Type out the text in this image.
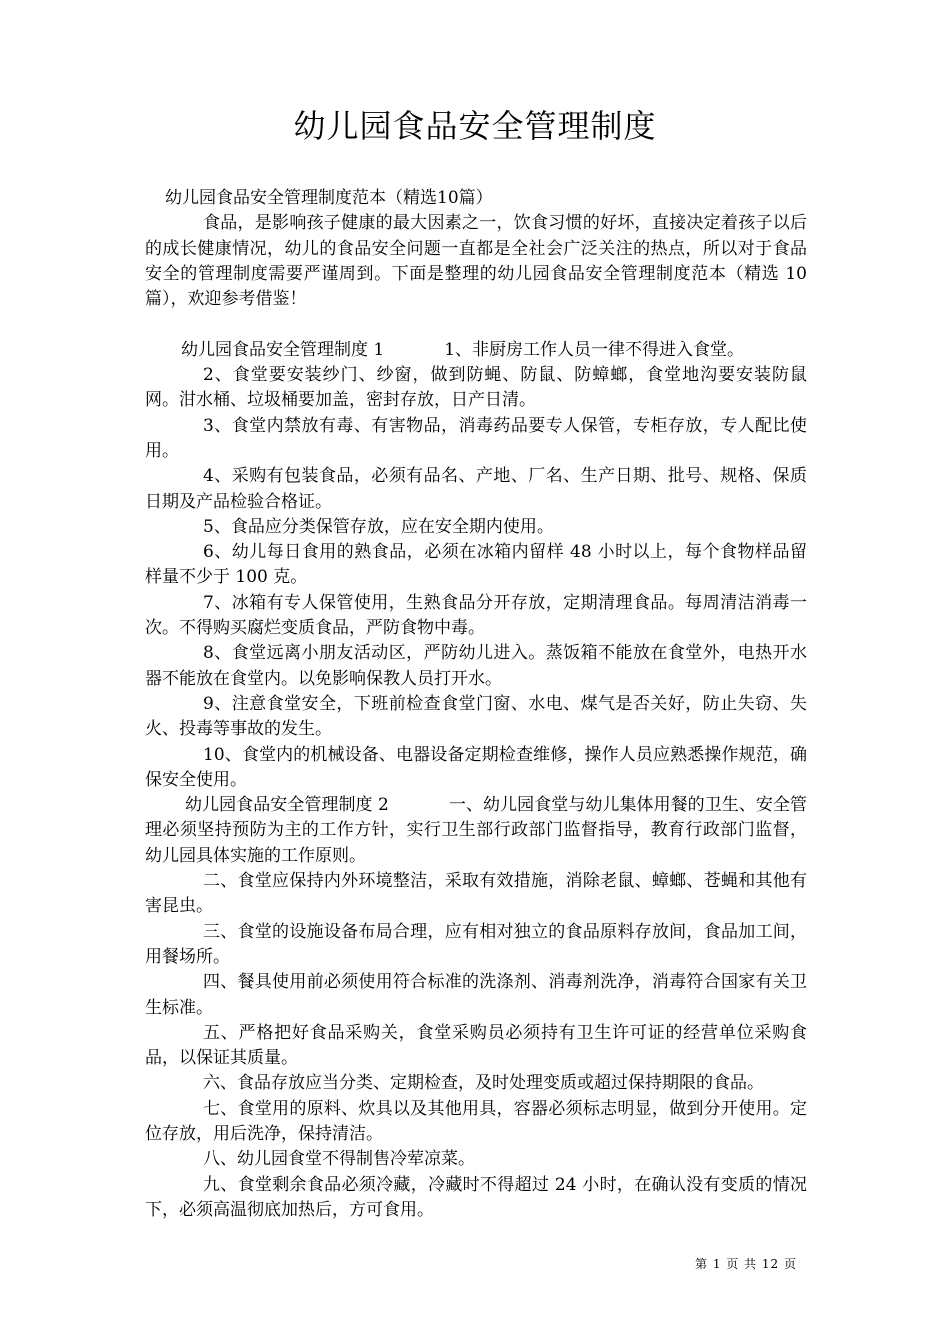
幼儿园食品安全管理制度
幼儿园食品安全管理制度范本（精选10篇）
食品，是影响孩子健康的最大因素之一，饮食习惯的好坏，直接决定着孩子以后的成长健康情况，幼儿的食品安全问题一直都是全社会广泛关注的热点，所以对于食品安全的管理制度需要严谨周到。下面是整理的幼儿园食品安全管理制度范本（精选 10 篇），欢迎参考借鉴！
幼儿园食品安全管理制度 1	1、非厨房工作人员一律不得进入食堂。
2、食堂要安装纱门、纱窗，做到防蝇、防鼠、防蟑螂，食堂地沟要安装防鼠网。泔水桶、垃圾桶要加盖，密封存放，日产日清。
3、食堂内禁放有毒、有害物品，消毒药品要专人保管，专柜存放，专人配比使用。
4、采购有包装食品，必须有品名、产地、厂名、生产日期、批号、规格、保质日期及产品检验合格证。
5、食品应分类保管存放，应在安全期内使用。
6、幼儿每日食用的熟食品，必须在冰箱内留样 48 小时以上，每个食物样品留样量不少于 100 克。
7、冰箱有专人保管使用，生熟食品分开存放，定期清理食品。每周清洁消毒一次。不得购买腐烂变质食品，严防食物中毒。
8、食堂远离小朋友活动区，严防幼儿进入。蒸饭箱不能放在食堂外，电热开水器不能放在食堂内。以免影响保教人员打开水。
9、注意食堂安全，下班前检查食堂门窗、水电、煤气是否关好，防止失窃、失火、投毒等事故的发生。
10、食堂内的机械设备、电器设备定期检查维修，操作人员应熟悉操作规范，确保安全使用。
幼儿园食品安全管理制度 2	一、幼儿园食堂与幼儿集体用餐的卫生、安全管理必须坚持预防为主的工作方针，实行卫生部行政部门监督指导，教育行政部门监督，幼儿园具体实施的工作原则。
二、食堂应保持内外环境整洁，采取有效措施，消除老鼠、蟑螂、苍蝇和其他有害昆虫。
三、食堂的设施设备布局合理，应有相对独立的食品原料存放间，食品加工间，用餐场所。
四、餐具使用前必须使用符合标准的洗涤剂、消毒剂洗净，消毒符合国家有关卫生标准。
五、严格把好食品采购关，食堂采购员必须持有卫生许可证的经营单位采购食品，以保证其质量。
六、食品存放应当分类、定期检查，及时处理变质或超过保持期限的食品。
七、食堂用的原料、炊具以及其他用具，容器必须标志明显，做到分开使用。定位存放，用后洗净，保持清洁。
八、幼儿园食堂不得制售冷荤凉菜。
九、食堂剩余食品必须冷藏，冷藏时不得超过 24 小时，在确认没有变质的情况下，必须高温彻底加热后，方可食用。
第 1 页 共 12 页
